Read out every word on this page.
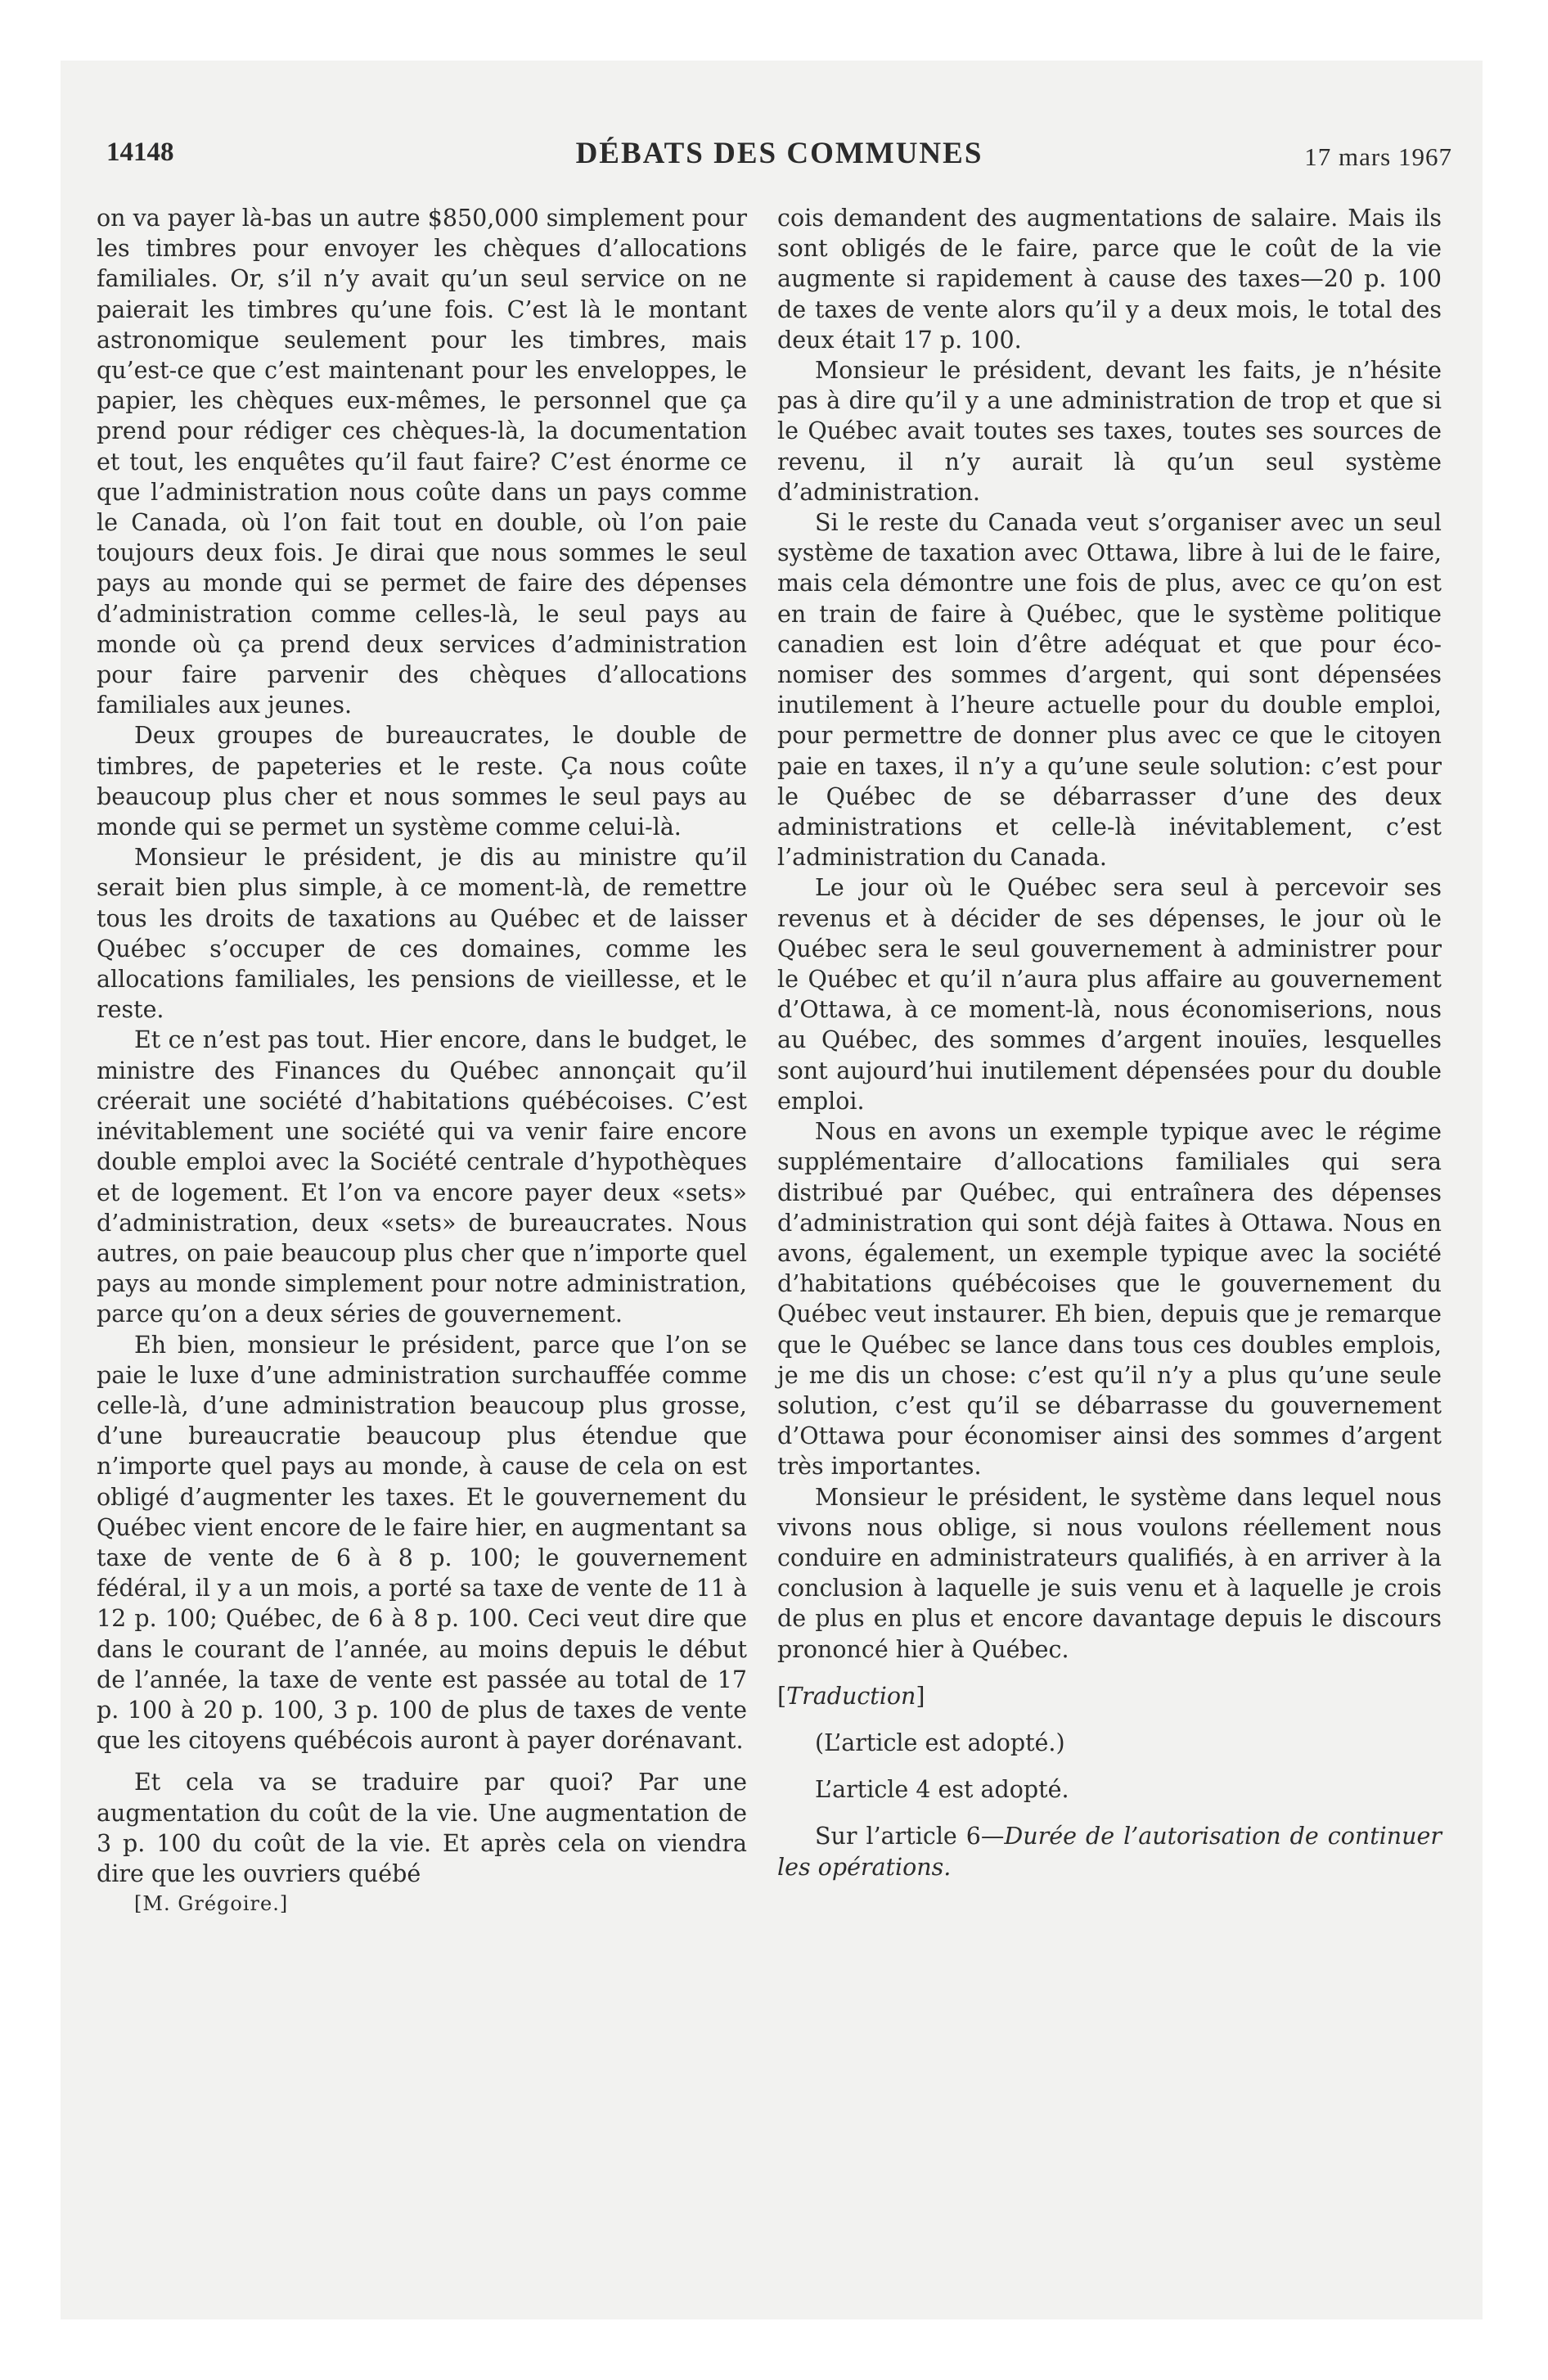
14148	DÉBATS DES COMMUNES	17 mars 1967

on va payer là-bas un autre $850,000 simplement pour les timbres pour envoyer les chèques d’allocations familiales. Or, s’il n’y avait qu’un seul service on ne paierait les timbres qu’une fois. C’est là le montant astronomique seulement pour les timbres, mais qu’est-ce que c’est maintenant pour les enveloppes, le papier, les chèques eux-mêmes, le personnel que ça prend pour rédiger ces chèques-là, la documentation et tout, les enquêtes qu’il faut faire? C’est énorme ce que l’administration nous coûte dans un pays comme le Canada, où l’on fait tout en double, où l’on paie toujours deux fois. Je dirai que nous sommes le seul pays au monde qui se permet de faire des dépenses d’administration comme celles-là, le seul pays au monde où ça prend deux services d’administration pour faire parvenir des chèques d’allocations familiales aux jeunes.

Deux groupes de bureaucrates, le double de timbres, de papeteries et le reste. Ça nous coûte beaucoup plus cher et nous sommes le seul pays au monde qui se permet un système comme celui-là.

Monsieur le président, je dis au ministre qu’il serait bien plus simple, à ce moment-là, de remettre tous les droits de taxations au Québec et de laisser Québec s’occuper de ces domaines, comme les allocations familiales, les pensions de vieillesse, et le reste.

Et ce n’est pas tout. Hier encore, dans le budget, le ministre des Finances du Québec annonçait qu’il créerait une société d’habitations québécoises. C’est inévitablement une société qui va venir faire encore double emploi avec la Société centrale d’hypothèques et de logement. Et l’on va encore payer deux «sets» d’administration, deux «sets» de bureaucrates. Nous autres, on paie beaucoup plus cher que n’importe quel pays au monde simplement pour notre administration, parce qu’on a deux séries de gouvernement.

Eh bien, monsieur le président, parce que l’on se paie le luxe d’une administration surchauffée comme celle-là, d’une administration beaucoup plus grosse, d’une bureaucratie beaucoup plus étendue que n’importe quel pays au monde, à cause de cela on est obligé d’augmenter les taxes. Et le gouvernement du Québec vient encore de le faire hier, en augmentant sa taxe de vente de 6 à 8 p. 100; le gouvernement fédéral, il y a un mois, a porté sa taxe de vente de 11 à 12 p. 100; Québec, de 6 à 8 p. 100. Ceci veut dire que dans le courant de l’année, au moins depuis le début de l’année, la taxe de vente est passée au total de 17 p. 100 à 20 p. 100, 3 p. 100 de plus de taxes de vente que les citoyens québécois auront à payer dorénavant.

Et cela va se traduire par quoi? Par une augmentation du coût de la vie. Une augmentation de 3 p. 100 du coût de la vie. Et après cela on viendra dire que les ouvriers québé

[M. Grégoire.]

cois demandent des augmentations de salaire. Mais ils sont obligés de le faire, parce que le coût de la vie augmente si rapidement à cause des taxes—20 p. 100 de taxes de vente alors qu’il y a deux mois, le total des deux était 17 p. 100.

Monsieur le président, devant les faits, je n’hésite pas à dire qu’il y a une administration de trop et que si le Québec avait toutes ses taxes, toutes ses sources de revenu, il n’y aurait là qu’un seul système d’administration.

Si le reste du Canada veut s’organiser avec un seul système de taxation avec Ottawa, libre à lui de le faire, mais cela démontre une fois de plus, avec ce qu’on est en train de faire à Québec, que le système politique canadien est loin d’être adéquat et que pour économiser des sommes d’argent, qui sont dépensées inutilement à l’heure actuelle pour du double emploi, pour permettre de donner plus avec ce que le citoyen paie en taxes, il n’y a qu’une seule solution: c’est pour le Québec de se débarrasser d’une des deux administrations et celle-là inévitablement, c’est l’administration du Canada.

Le jour où le Québec sera seul à percevoir ses revenus et à décider de ses dépenses, le jour où le Québec sera le seul gouvernement à administrer pour le Québec et qu’il n’aura plus affaire au gouvernement d’Ottawa, à ce moment-là, nous économiserions, nous au Québec, des sommes d’argent inouïes, lesquelles sont aujourd’hui inutilement dépensées pour du double emploi.

Nous en avons un exemple typique avec le régime supplémentaire d’allocations familiales qui sera distribué par Québec, qui entraînera des dépenses d’administration qui sont déjà faites à Ottawa. Nous en avons, également, un exemple typique avec la société d’habitations québécoises que le gouvernement du Québec veut instaurer. Eh bien, depuis que je remarque que le Québec se lance dans tous ces doubles emplois, je me dis un chose: c’est qu’il n’y a plus qu’une seule solution, c’est qu’il se débarrasse du gouvernement d’Ottawa pour économiser ainsi des sommes d’argent très importantes.

Monsieur le président, le système dans lequel nous vivons nous oblige, si nous voulons réellement nous conduire en administrateurs qualifiés, à en arriver à la conclusion à laquelle je suis venu et à laquelle je crois de plus en plus et encore davantage depuis le discours prononcé hier à Québec.

[Traduction]

(L’article est adopté.)

L’article 4 est adopté.

Sur l’article 6—Durée de l’autorisation de continuer les opérations.
